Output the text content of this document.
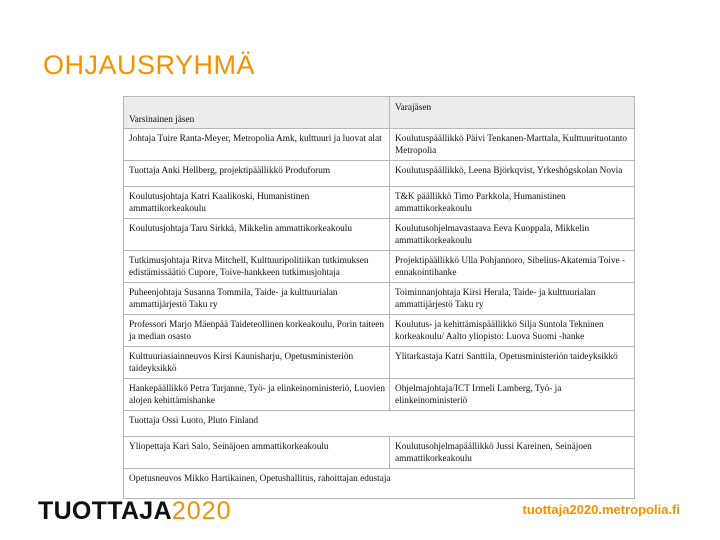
OHJAUSRYHMÄ
Varsinainen jäsen	Varajäsen
Johtaja Tuire Ranta-Meyer, Metropolia Amk, kulttuuri ja luovat alat	Koulutuspäällikkö Päivi Tenkanen-Marttala, Kulttuurituotanto Metropolia
Tuottaja Anki Hellberg, projektipäällikkö Produforum	Koulutuspäällikkö, Leena Björkqvist, Yrkeshögskolan Novia
Koulutusjohtaja Katri Kaalikoski, Humanistinen ammattikorkeakoulu	T&K päällikkö Timo Parkkola, Humanistinen ammattikorkeakoulu
Koulutusjohtaja Taru Sirkkä, Mikkelin ammattikorkeakoulu	Koulutusohjelmavastaava Eeva Kuoppala, Mikkelin ammattikorkeakoulu
Tutkimusjohtaja Ritva Mitchell, Kulttuuripolitiikan tutkimuksen edistämissäätiö Cupore, Toive-hankkeen tutkimusjohtaja	Projektipäällikkö Ulla Pohjannoro, Sibelius-Akatemia Toive -ennakointihanke
Puheenjohtaja Susanna Tommila, Taide- ja kulttuurialan ammattijärjestö Taku ry	Toiminnanjohtaja Kirsi Herala, Taide- ja kulttuurialan ammattijärjestö Taku ry
Professori Marjo Mäenpää Taideteollinen korkeakoulu, Porin taiteen ja median osasto	Koulutus- ja kehittämispäällikkö Silja Suntola Tekninen korkeakoulu/ Aalto yliopisto: Luova Suomi -hanke
Kulttuuriasiainneuvos Kirsi Kaunisharju, Opetusministeriön taideyksikkö	Ylitarkastaja Katri Santtila, Opetusministeriön taideyksikkö
Hankepäällikkö Petra Tarjanne, Työ- ja elinkeinoministeriö, Luovien alojen kehittämishanke	Ohjelmajohtaja/ICT Irmeli Lamberg, Työ- ja elinkeinoministeriö
Tuottaja Ossi Luoto, Pluto Finland	
Yliopettaja Kari Salo, Seinäjoen ammattikorkeakoulu	Koulutusohjelmapäällikkö Jussi Kareinen, Seinäjoen ammattikorkeakoulu
Opetusneuvos Mikko Hartikainen, Opetushallitus, rahoittajan edustaja	
TUOTTAJA2020	tuottaja2020.metropolia.fi
